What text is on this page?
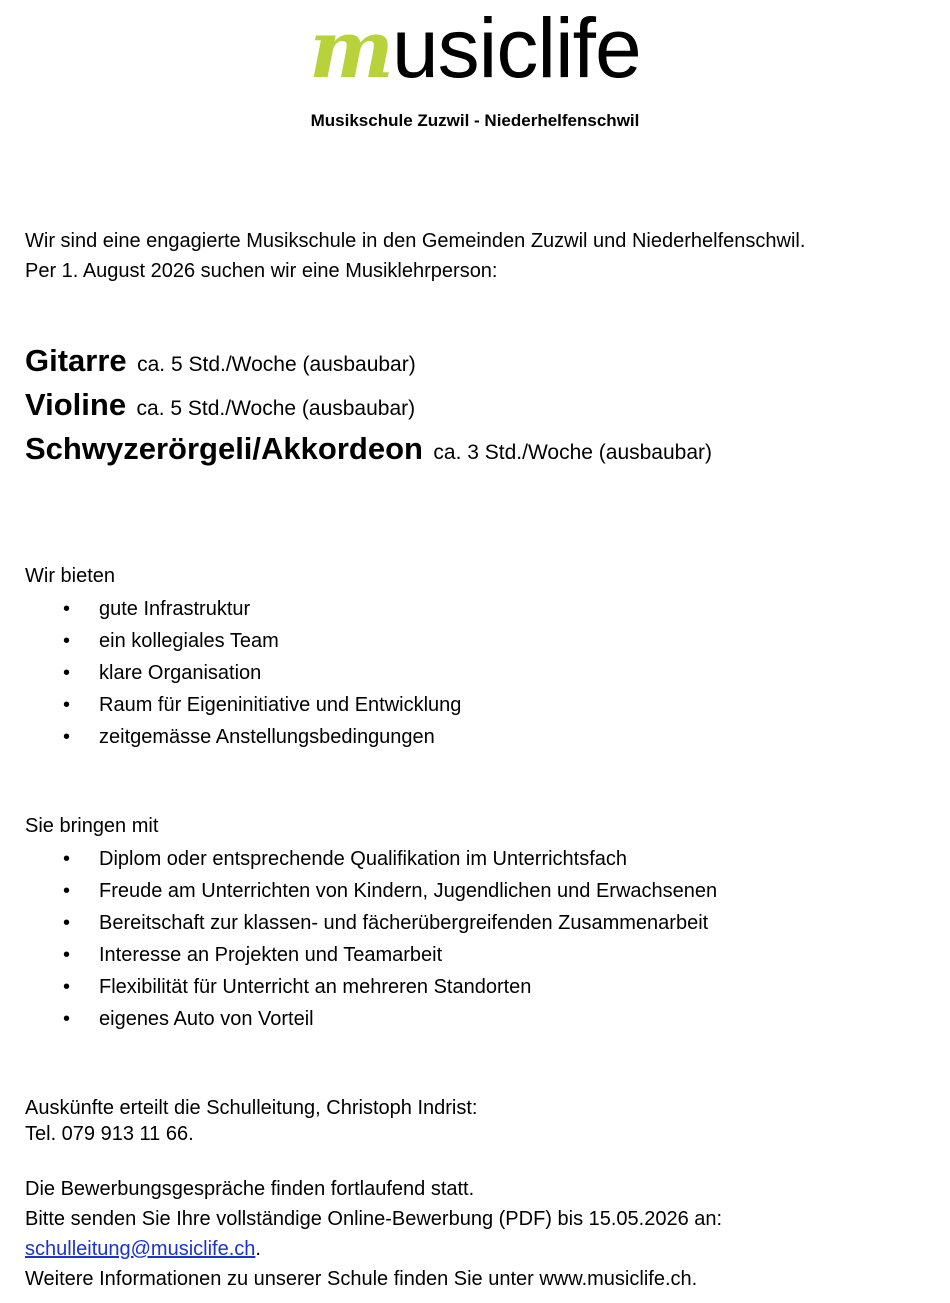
musiclife
Musikschule Zuzwil - Niederhelfenschwil
Wir sind eine engagierte Musikschule in den Gemeinden Zuzwil und Niederhelfenschwil.
Per 1. August 2026 suchen wir eine Musiklehrperson:
Gitarre ca. 5 Std./Woche (ausbaubar)
Violine ca. 5 Std./Woche (ausbaubar)
Schwyzerörgeli/Akkordeon ca. 3 Std./Woche (ausbaubar)
Wir bieten
• gute Infrastruktur
• ein kollegiales Team
• klare Organisation
• Raum für Eigeninitiative und Entwicklung
• zeitgemässe Anstellungsbedingungen
Sie bringen mit
• Diplom oder entsprechende Qualifikation im Unterrichtsfach
• Freude am Unterrichten von Kindern, Jugendlichen und Erwachsenen
• Bereitschaft zur klassen- und fächerübergreifenden Zusammenarbeit
• Interesse an Projekten und Teamarbeit
• Flexibilität für Unterricht an mehreren Standorten
• eigenes Auto von Vorteil
Auskünfte erteilt die Schulleitung, Christoph Indrist:
Tel. 079 913 11 66.
Die Bewerbungsgespräche finden fortlaufend statt.
Bitte senden Sie Ihre vollständige Online-Bewerbung (PDF) bis 15.05.2026 an:
schulleitung@musiclife.ch.
Weitere Informationen zu unserer Schule finden Sie unter www.musiclife.ch.
